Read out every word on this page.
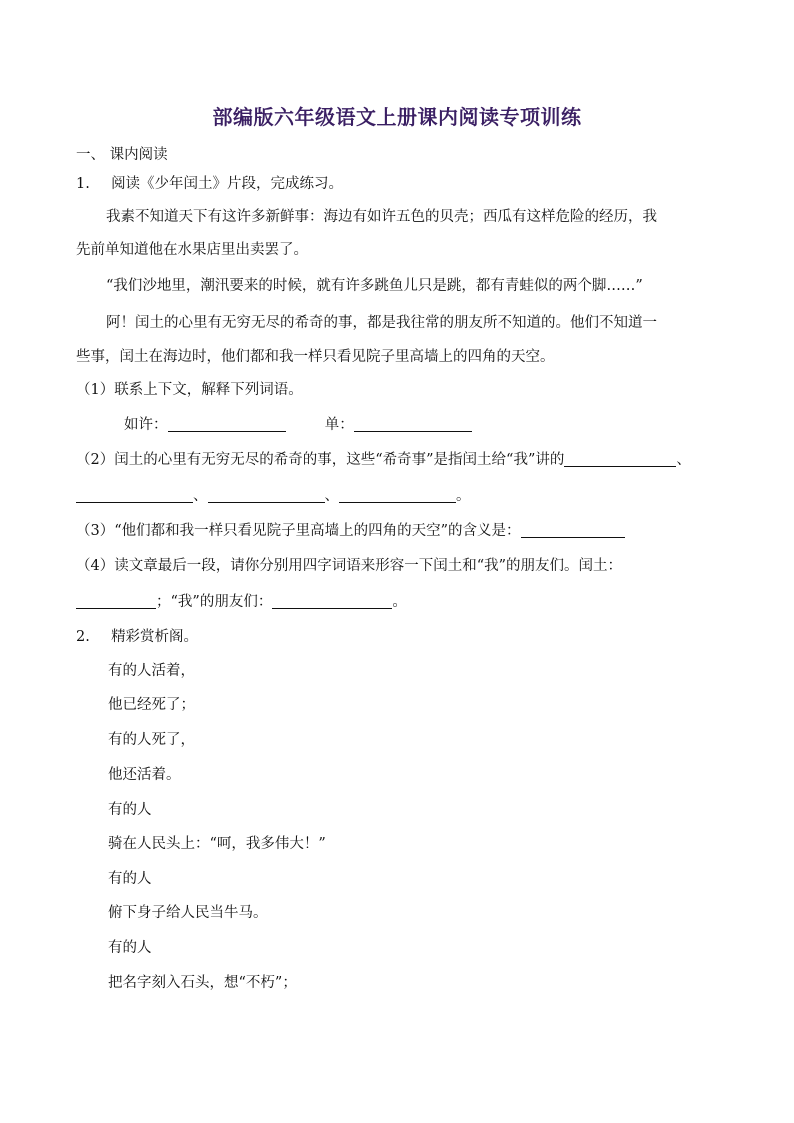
部编版六年级语文上册课内阅读专项训练
一、 课内阅读
1. 阅读《少年闰土》片段，完成练习。
我素不知道天下有这许多新鲜事：海边有如许五色的贝壳；西瓜有这样危险的经历，我
先前单知道他在水果店里出卖罢了。
“我们沙地里，潮汛要来的时候，就有许多跳鱼儿只是跳，都有青蛙似的两个脚……”
阿！闰土的心里有无穷无尽的希奇的事，都是我往常的朋友所不知道的。他们不知道一
些事，闰土在海边时，他们都和我一样只看见院子里高墙上的四角的天空。
（1）联系上下文，解释下列词语。
如许：	单：
（2）闰土的心里有无穷无尽的希奇的事，这些“希奇事”是指闰土给“我”讲的	、
、	、	。
（3）“他们都和我一样只看见院子里高墙上的四角的天空”的含义是：
（4）读文章最后一段，请你分别用四字词语来形容一下闰土和“我”的朋友们。闰土：
；“我”的朋友们：	。
2. 精彩赏析阁。
有的人活着，
他已经死了；
有的人死了，
他还活着。
有的人
骑在人民头上：“呵，我多伟大！”
有的人
俯下身子给人民当牛马。
有的人
把名字刻入石头，想“不朽”；
